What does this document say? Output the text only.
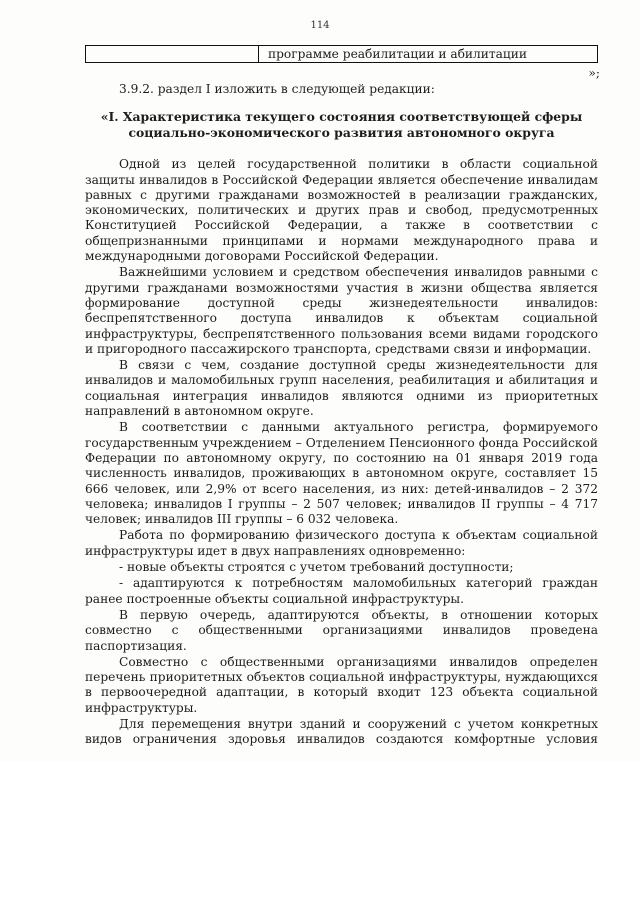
114
программе реабилитации и абилитации
»;

3.9.2. раздел I изложить в следующей редакции:

«I. Характеристика текущего состояния соответствующей сферы социально-экономического развития автономного округа

Одной из целей государственной политики в области социальной защиты инвалидов в Российской Федерации является обеспечение инвалидам равных с другими гражданами возможностей в реализации гражданских, экономических, политических и других прав и свобод, предусмотренных Конституцией Российской Федерации, а также в соответствии с общепризнанными принципами и нормами международного права и международными договорами Российской Федерации.

Важнейшими условием и средством обеспечения инвалидов равными с другими гражданами возможностями участия в жизни общества является формирование доступной среды жизнедеятельности инвалидов: беспрепятственного доступа инвалидов к объектам социальной инфраструктуры, беспрепятственного пользования всеми видами городского и пригородного пассажирского транспорта, средствами связи и информации.

В связи с чем, создание доступной среды жизнедеятельности для инвалидов и маломобильных групп населения, реабилитация и абилитация и социальная интеграция инвалидов являются одними из приоритетных направлений в автономном округе.

В соответствии с данными актуального регистра, формируемого государственным учреждением – Отделением Пенсионного фонда Российской Федерации по автономному округу, по состоянию на 01 января 2019 года численность инвалидов, проживающих в автономном округе, составляет 15 666 человек, или 2,9% от всего населения, из них: детей-инвалидов – 2 372 человека; инвалидов I группы – 2 507 человек; инвалидов II группы – 4 717 человек; инвалидов III группы – 6 032 человека.

Работа по формированию физического доступа к объектам социальной инфраструктуры идет в двух направлениях одновременно:

- новые объекты строятся с учетом требований доступности;

- адаптируются к потребностям маломобильных категорий граждан ранее построенные объекты социальной инфраструктуры.

В первую очередь, адаптируются объекты, в отношении которых совместно с общественными организациями инвалидов проведена паспортизация.

Совместно с общественными организациями инвалидов определен перечень приоритетных объектов социальной инфраструктуры, нуждающихся в первоочередной адаптации, в который входит 123 объекта социальной инфраструктуры.

Для перемещения внутри зданий и сооружений с учетом конкретных видов ограничения здоровья инвалидов создаются комфортные условия
